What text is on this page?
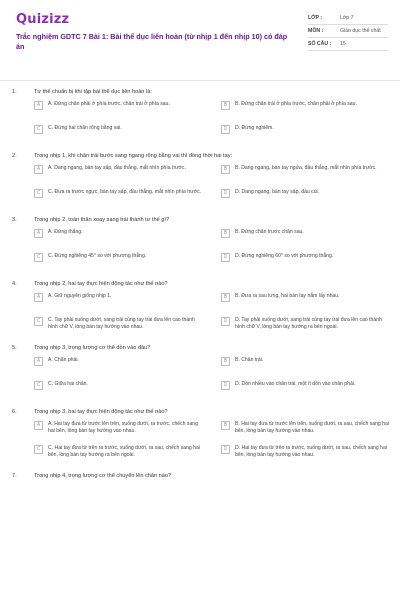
Quizizz
Trắc nghiệm GDTC 7 Bài 1: Bài thể dục liên hoàn (từ nhịp 1 đến nhịp 10) có đáp án
LỚP :	Lớp 7
MÔN :	Giáo dục thể chất
SỐ CÂU :	15
1.	Tư thế chuẩn bị khi tập bài thể dục liên hoàn là:
A	A. Đứng chân phải ở phía trước, chân trái ở phía sau.	B	B. Đứng chân trái ở phía trước, chân phải ở phía sau.
C	C. Đứng hai chân rộng bằng vai.	D	D. Đứng nghiêm.
2.	Trong nhịp 1, khi chân trái bước sang ngang rộng bằng vai thì đồng thời hai tay:
A	A. Dang ngang, bàn tay sấp, đầu thẳng, mắt nhìn phía trước.	B	B. Dang ngang, bàn tay ngửa, đầu thẳng, mắt nhìn phía trước.
C	C. Đưa ra trước ngực, bàn tay sấp, đầu thẳng, mắt nhìn phía trước.	D	D. Dang ngang, bàn tay sấp, đầu cúi.
3.	Trong nhịp 2, toàn thân xoay sang trái thành tư thế gì?
A	A. Đứng thẳng.	B	B. Đứng chân trước chân sau.
C	C. Đứng nghiêng 45° so với phương thẳng.	D	D. Đứng nghiêng 60° so với phương thẳng.
4.	Trong nhịp 2, hai tay thực hiện động tác như thế nào?
A	A. Giữ nguyên giống nhịp 1.	B	B. Đưa ra sau lưng, hai bàn tay nắm lấy nhau.
C	C. Tay phải xuống dưới, sang trái cùng tay trái đưa lên cao thành hình chữ V, lòng bàn tay hướng vào nhau.
D	D. Tay phải xuống dưới, sang trái cùng tay trái đưa lên cao thành hình chữ V, lòng bàn tay hướng ra bên ngoài.
5.	Trong nhịp 3, trọng lượng cơ thể dồn vào đâu?
A	A. Chân phải.	B	B. Chân trái.
C	C. Giữa hai chân.	D	D. Dồn nhiều vào chân trái, một ít dồn vào chân phải.
6.	Trong nhịp 3, hai tay thực hiện động tác như thế nào?
A	A. Hai tay đưa từ trước lên trên, xuống dưới, ra trước, chếch sang hai bên, lòng bàn tay hướng vào nhau.
B	B. Hai tay đưa từ trước lên trên, xuống dưới, ra sau, chếch sang hai bên, lòng bàn tay hướng vào nhau.
C	C. Hai tay đưa từ trên ra trước, xuống dưới, ra sau, chếch sang hai bên, lòng bàn tay hướng ra bên ngoài.
D	D. Hai tay đưa từ trên ra trước, xuống dưới, ra sau, chếch sang hai bên, lòng bàn tay hướng vào nhau.
7.	Trong nhịp 4, trọng lượng cơ thể chuyển lên chân nào?
